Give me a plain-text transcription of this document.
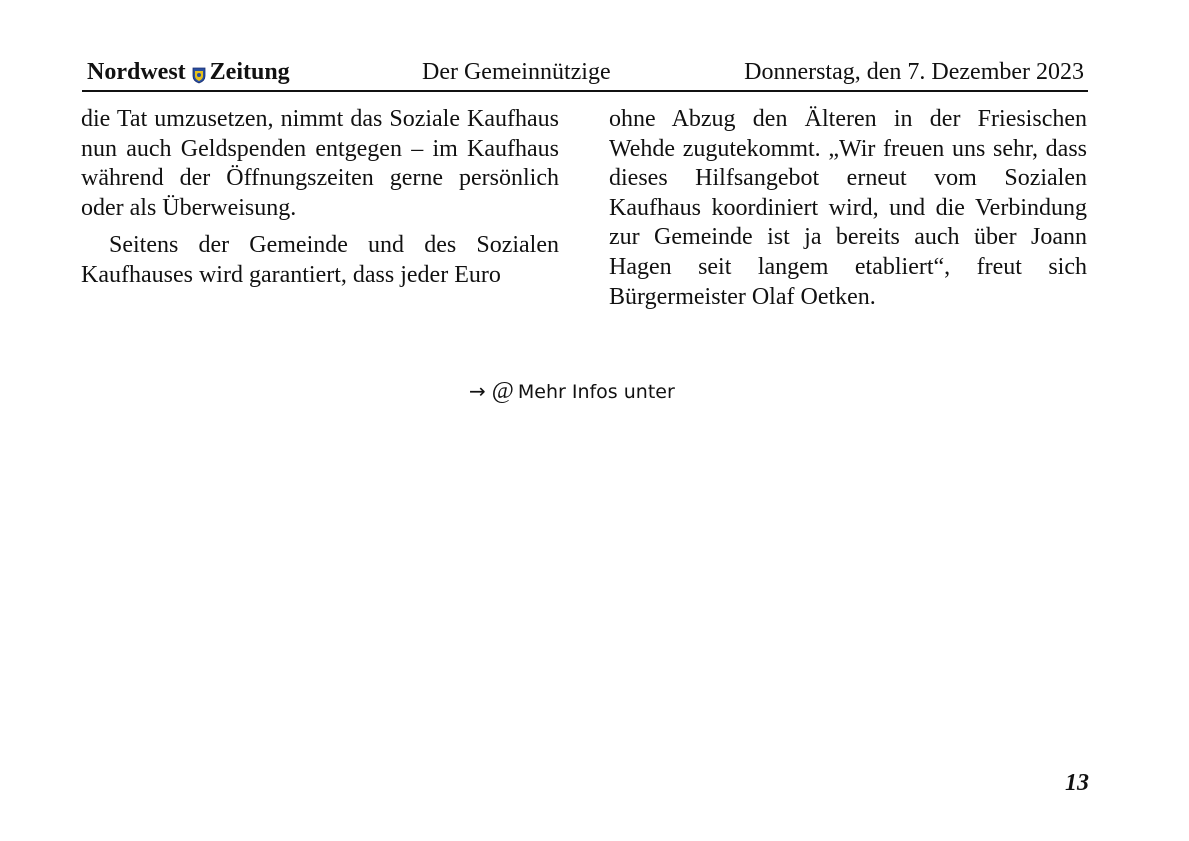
Nordwest Zeitung	Der Gemeinnützige	Donnerstag, den 7. Dezember 2023

die Tat umzusetzen, nimmt das Soziale Kaufhaus nun auch Geldspenden entgegen – im Kaufhaus während der Öffnungszeiten gerne persönlich oder als Überweisung.

Seitens der Gemeinde und des Sozialen Kaufhauses wird garantiert, dass jeder Euro

ohne Abzug den Älteren in der Friesischen Wehde zugutekommt. „Wir freuen uns sehr, dass dieses Hilfsangebot erneut vom Sozialen Kaufhaus koordiniert wird, und die Verbindung zur Gemeinde ist ja bereits auch über Joann Hagen seit langem etabliert“, freut sich Bürgermeister Olaf Oetken.

→ @ Mehr Infos unter
13
